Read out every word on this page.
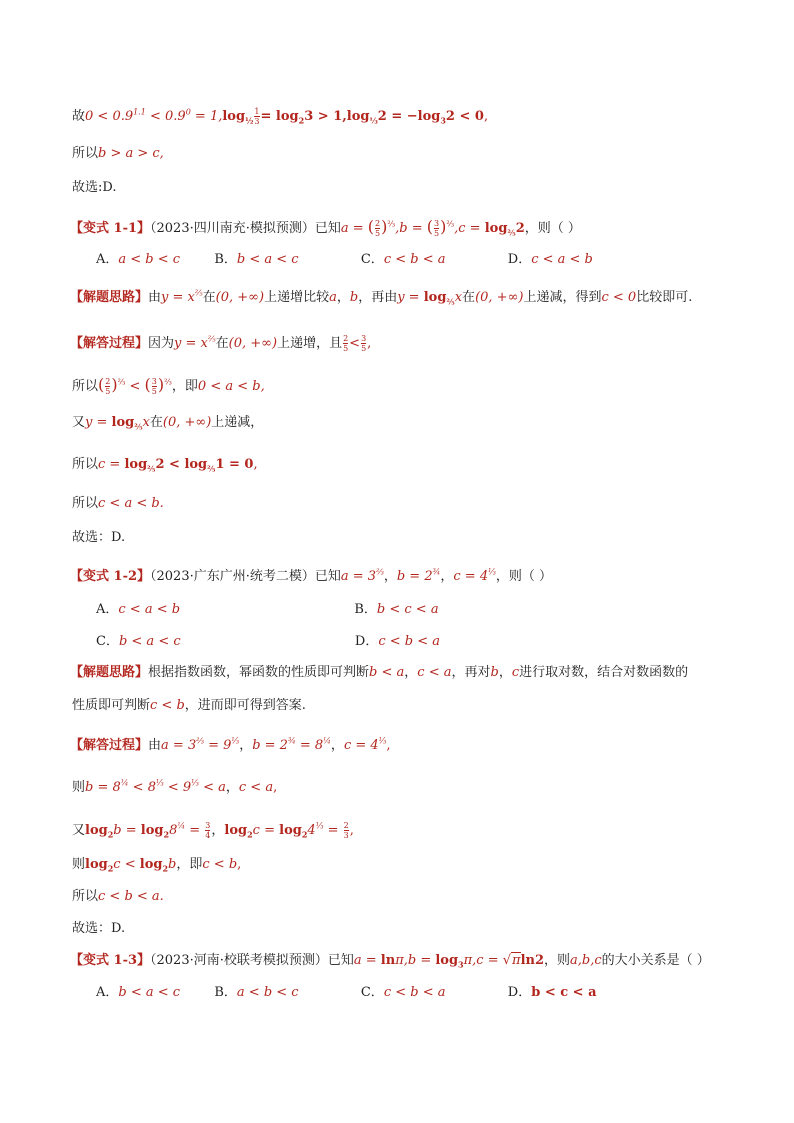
故$0 < 0.9^{1.1} < 0.9^0 = 1,\log_{\frac{1}{2}} \frac{1}{3} = \log_23 > 1,\log_{\frac{1}{3}}2 = -\log_32 < 0$,
所以b > a > c,
故选:D.
【变式 1-1】（2023·四川南充·模拟预测）已知a = ( $\frac{2}{5} )^{\frac{2}{3}},b$ = ( $\frac{3}{5} )^{\frac{2}{3}},c = \log_{\frac{2}{5}}2$，则（ ）
A．a < b < c	B．b < a < c	C．c < b < a	D．c < a < b
【解题思路】由$y = x^{\frac{2}{5}}$在(0, +∞)上递增比较a，b，再由$y = \log_{\frac{2}{5}}x$在(0, +∞)上递减，得到c < 0比较即可.
【解答过程】因为$y = x^{\frac{2}{5}}$在(0, +∞)上递增，且 $\frac{2}{5} < \frac{3}{5}$ ,
所以( $\frac{2}{5} )^{\frac{2}{3}}$ < ( $\frac{3}{5} )^{\frac{2}{3}}$，即0 < a < b,
又$y = \log_{\frac{2}{5}}x$在(0, +∞)上递减，
所以$c = \log_{\frac{2}{5}}2 < \log_{\frac{2}{5}}1 = 0$,
所以c < a < b.
故选：D.
【变式 1-2】（2023·广东广州·统考二模）已知$a = 3^{\frac{2}{3}}$，$b = 2^{\frac{3}{4}}$，$c = 4^{\frac{1}{3}}$，则（ ）
A．c < a < b	B．b < c < a
C．b < a < c	D．c < b < a
【解题思路】根据指数函数，幂函数的性质即可判断b < a，c < a，再对b，c进行取对数，结合对数函数的
性质即可判断c < b，进而即可得到答案.
【解答过程】由$a = 3^{\frac{2}{3}} = 9^{\frac{1}{3}}$，$b = 2^{\frac{3}{4}} = 8^{\frac{1}{4}}$，$c = 4^{\frac{1}{3}}$,
则$b = 8^{\frac{1}{4}} < 8^{\frac{1}{3}} < 9^{\frac{1}{3}} < a$，c < a,
又$\log_2b = \log_28^{\frac{1}{4}} = \frac{3}{4}$ ，$\log_2c = \log_24^{\frac{1}{3}} = \frac{2}{3}$ ,
则$\log_2c < \log_2b$，即c < b,
所以c < b < a.
故选：D.
【变式 1-3】（2023·河南·校联考模拟预测）已知$a = \ln\pi,b = \log_3\pi,c = √\pi\ln 2$，则a,b,c的大小关系是（ ）
A．b < a < c	B．a < b < c	C．c < b < a	D．b < c < a
